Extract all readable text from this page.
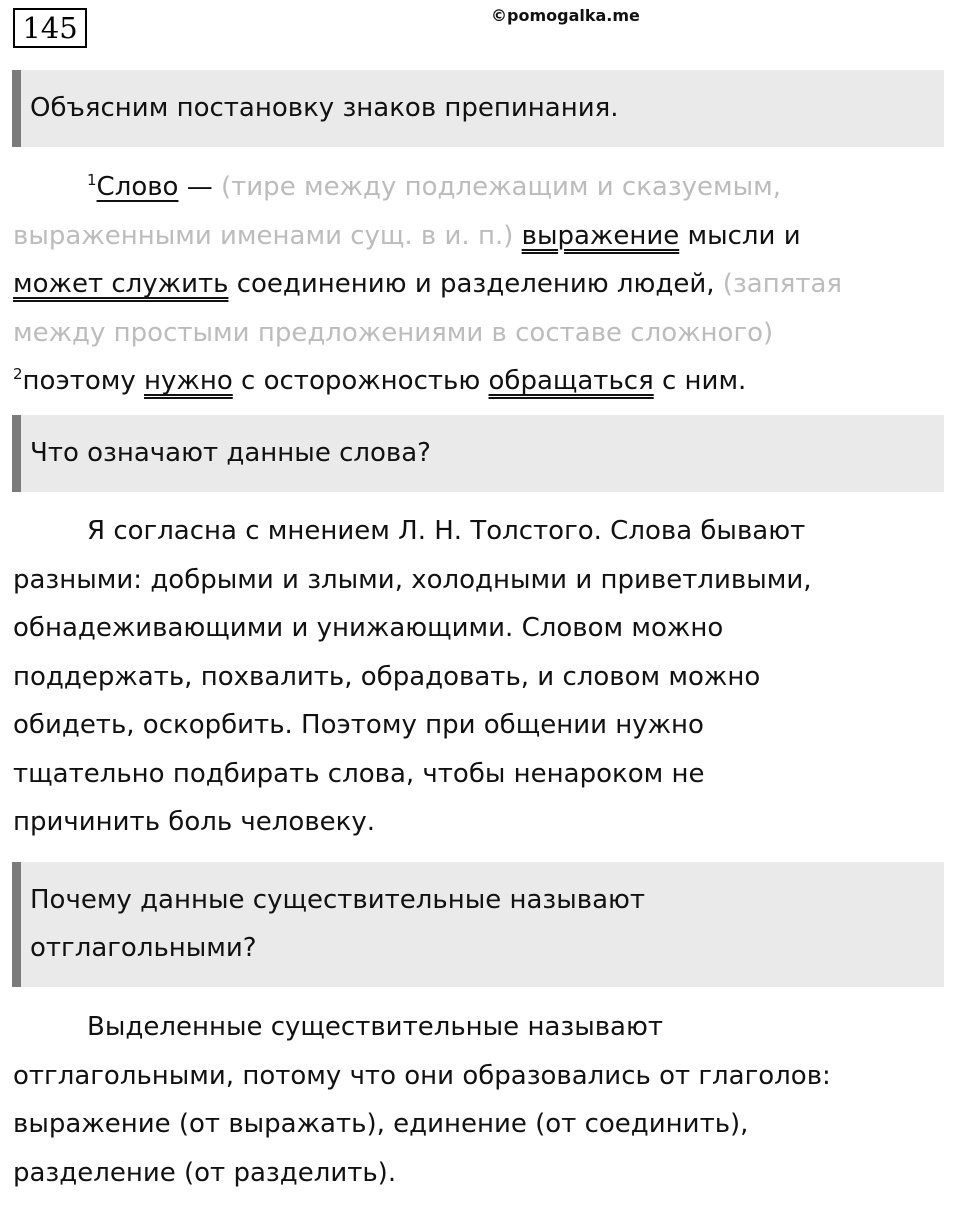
145	©pomogalka.me
Объясним постановку знаков препинания.
$^1$Слово — (тире между подлежащим и сказуемым,
выраженными именами сущ. в и. п.) выражение мысли и
может служить соединению и разделению людей, (запятая
между простыми предложениями в составе сложного)
$^2$поэтому нужно с осторожностью обращаться с ним.
Что означают данные слова?
Я согласна с мнением Л. Н. Толстого. Слова бывают
разными: добрыми и злыми, холодными и приветливыми,
обнадеживающими и унижающими. Словом можно
поддержать, похвалить, обрадовать, и словом можно
обидеть, оскорбить. Поэтому при общении нужно
тщательно подбирать слова, чтобы ненароком не
причинить боль человеку.
Почему данные существительные называют
отглагольными?
Выделенные существительные называют
отглагольными, потому что они образовались от глаголов:
выражение (от выражать), единение (от соединить),
разделение (от разделить).
